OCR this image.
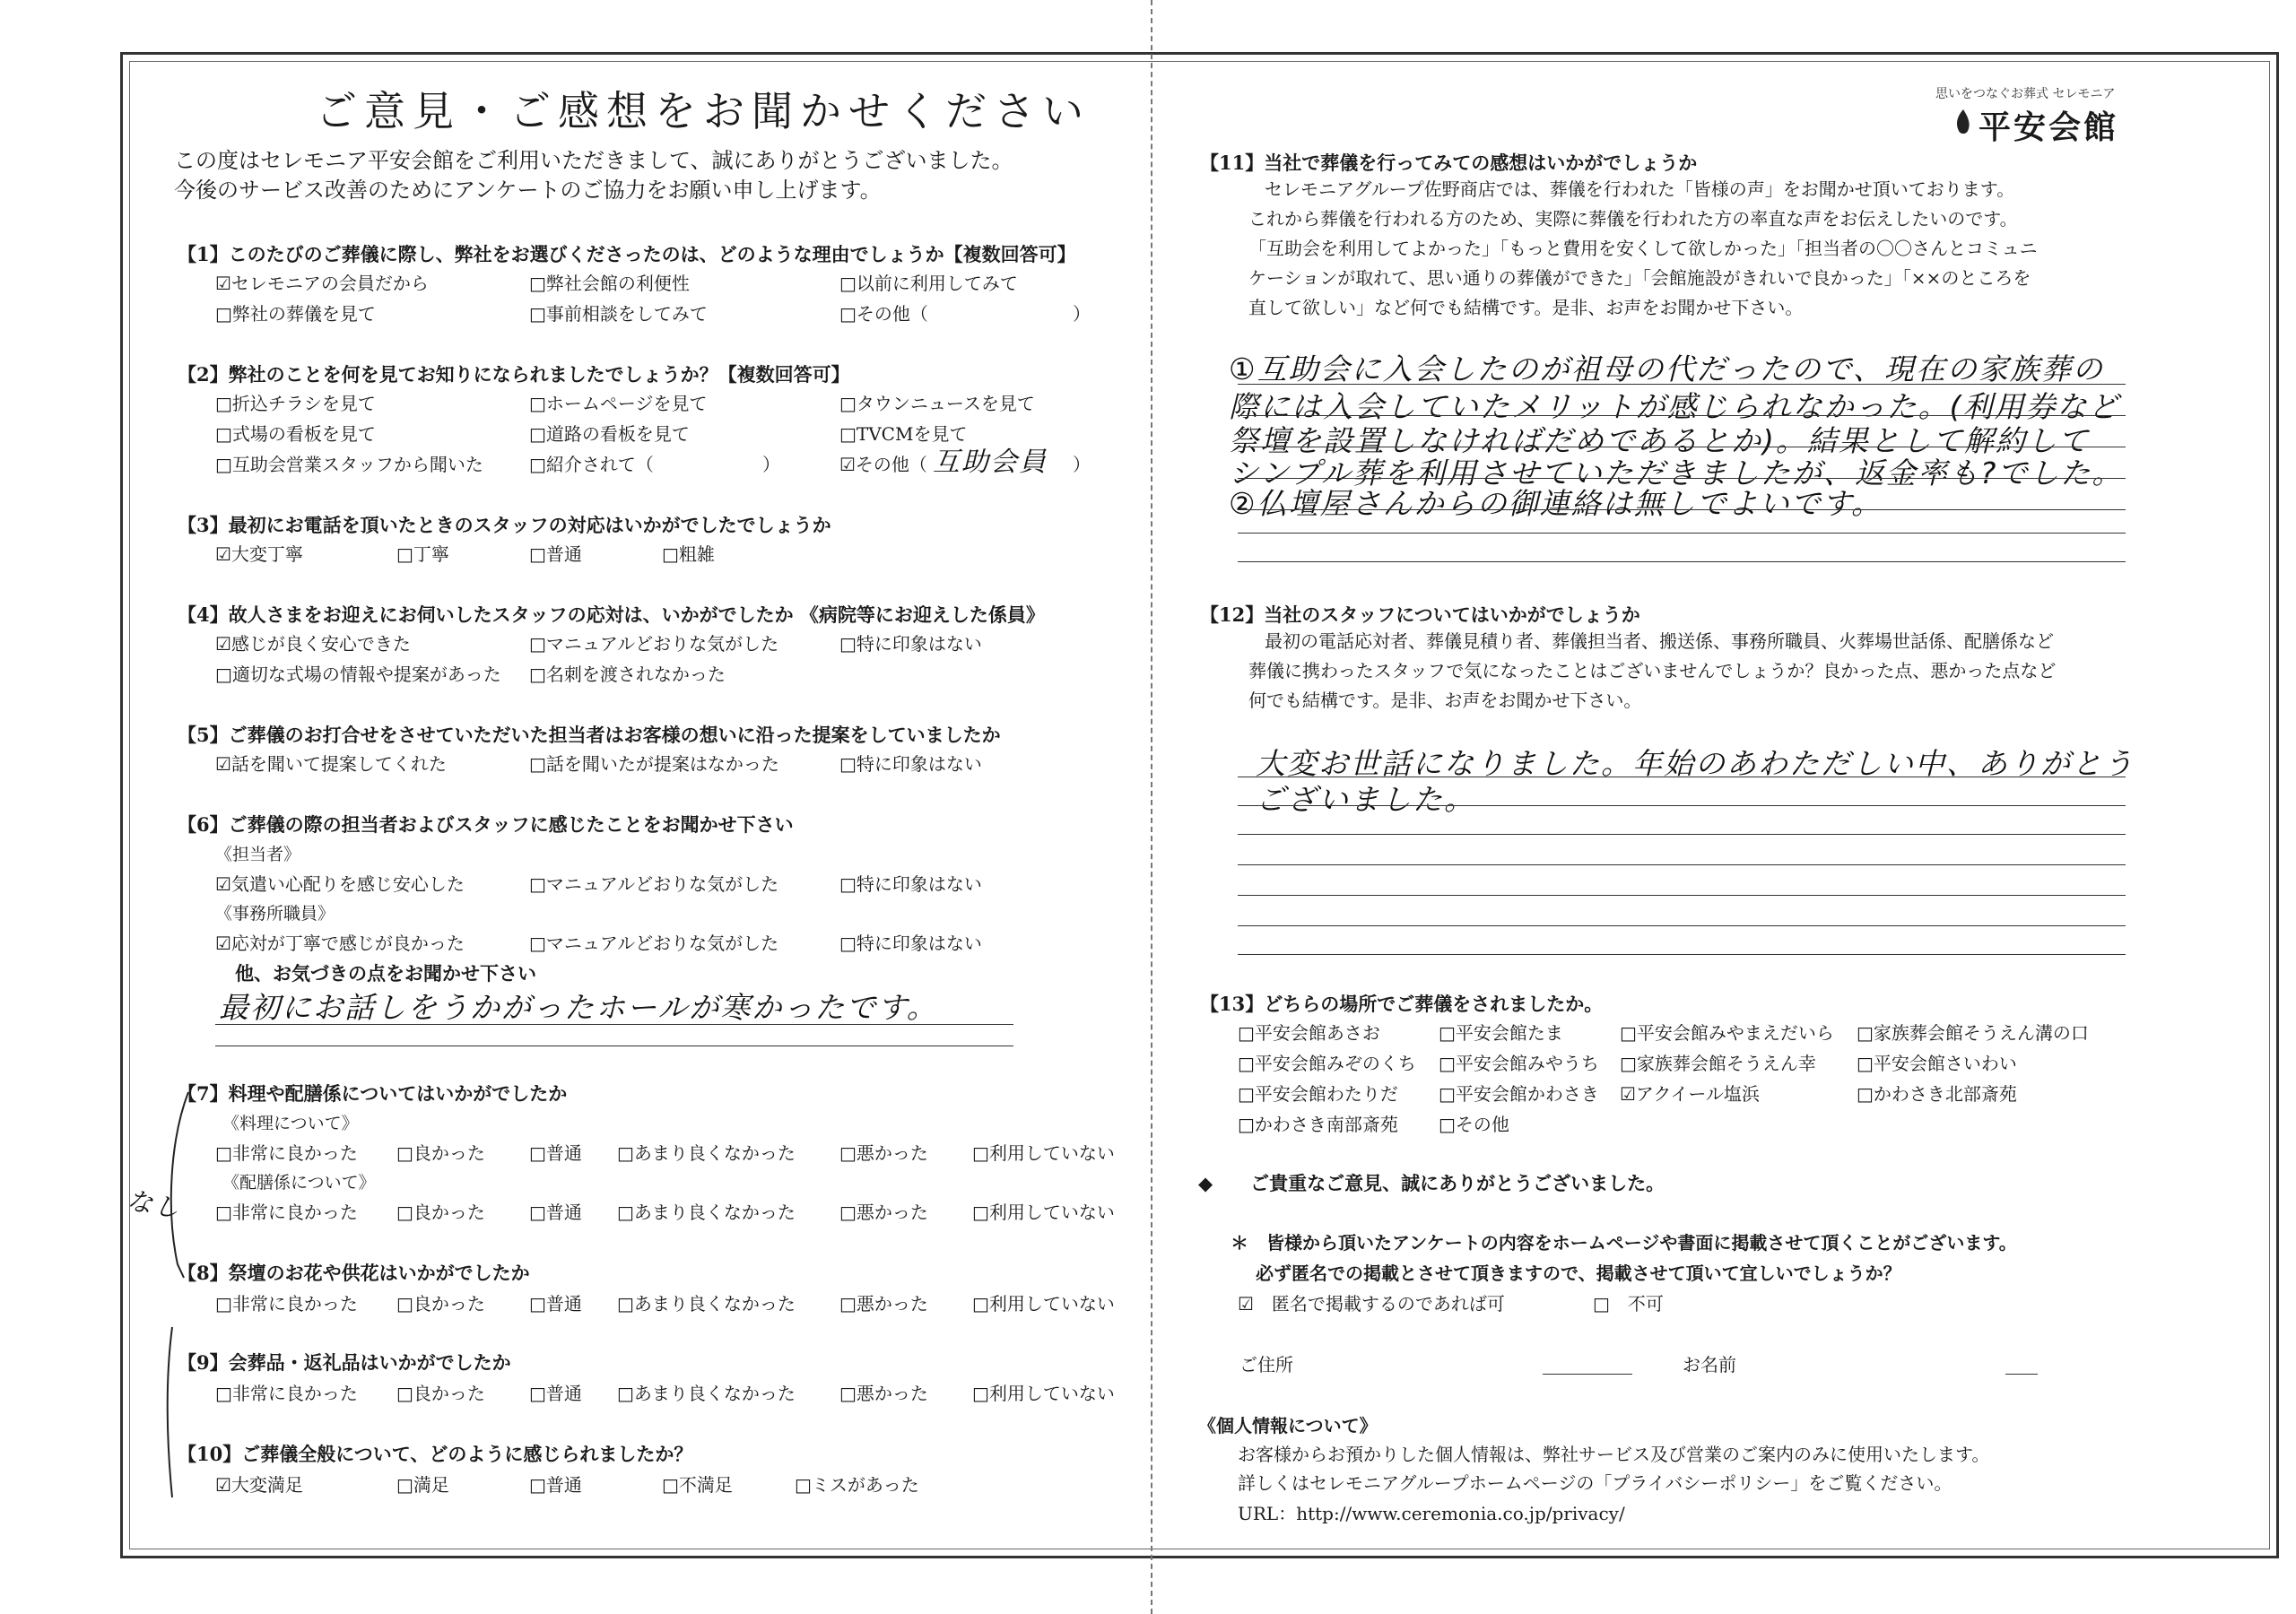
ご意見・ご感想をお聞かせください
この度はセレモニア平安会館をご利用いただきまして、誠にありがとうございました。
今後のサービス改善のためにアンケートのご協力をお願い申し上げます。
【1】このたびのご葬儀に際し、弊社をお選びくださったのは、どのような理由でしょうか【複数回答可】
☑セレモニアの会員だから	□弊社会館の利便性	□以前に利用してみて
□弊社の葬儀を見て	□事前相談をしてみて	□その他（	）
【2】弊社のことを何を見てお知りになられましたでしょうか？【複数回答可】
□折込チラシを見て	□ホームページを見て	□タウンニュースを見て
□式場の看板を見て	□道路の看板を見て	□TVCMを見て
□互助会営業スタッフから聞いた	□紹介されて（	）	☑その他（ 互助会員 ）
【3】最初にお電話を頂いたときのスタッフの対応はいかがでしたでしょうか
☑大変丁寧	□丁寧	□普通	□粗雑
【4】故人さまをお迎えにお伺いしたスタッフの応対は、いかがでしたか 《病院等にお迎えした係員》
☑感じが良く安心できた	□マニュアルどおりな気がした	□特に印象はない
□適切な式場の情報や提案があった □名刺を渡されなかった
【5】ご葬儀のお打合せをさせていただいた担当者はお客様の想いに沿った提案をしていましたか
☑話を聞いて提案してくれた	□話を聞いたが提案はなかった	□特に印象はない
【6】ご葬儀の際の担当者およびスタッフに感じたことをお聞かせ下さい
《担当者》
☑気遣い心配りを感じ安心した	□マニュアルどおりな気がした	□特に印象はない
《事務所職員》
☑応対が丁寧で感じが良かった	□マニュアルどおりな気がした	□特に印象はない
他、お気づきの点をお聞かせ下さい
最初にお話しをうかがったホールが寒かったです。
【7】料理や配膳係についてはいかがでしたか
《料理について》
□非常に良かった □良かった □普通 □あまり良くなかった □悪かった □利用していない
《配膳係について》
□非常に良かった □良かった □普通 □あまり良くなかった □悪かった □利用していない
なし
【8】祭壇のお花や供花はいかがでしたか
□非常に良かった □良かった □普通 □あまり良くなかった □悪かった □利用していない
【9】会葬品・返礼品はいかがでしたか
□非常に良かった □良かった □普通 □あまり良くなかった □悪かった □利用していない
【10】ご葬儀全般について、どのように感じられましたか？
☑大変満足	□満足	□普通	□不満足	□ミスがあった
思いをつなぐお葬式 セレモニア
平安会館
【11】当社で葬儀を行ってみての感想はいかがでしょうか
セレモニアグループ佐野商店では、葬儀を行われた「皆様の声」をお聞かせ頂いております。
これから葬儀を行われる方のため、実際に葬儀を行われた方の率直な声をお伝えしたいのです。
「互助会を利用してよかった」「もっと費用を安くして欲しかった」「担当者の〇〇さんとコミュニ
ケーションが取れて、思い通りの葬儀ができた」「会館施設がきれいで良かった」「××のところを
直して欲しい」など何でも結構です。是非、お声をお聞かせ下さい。
①互助会に入会したのが祖母の代だったので、現在の家族葬の
際には入会していたメリットが感じられなかった。(利用券など
祭壇を設置しなければだめであるとか)。結果として解約して
シンプル葬を利用させていただきましたが、返金率も?でした。
②仏壇屋さんからの御連絡は無しでよいです。
【12】当社のスタッフについてはいかがでしょうか
最初の電話応対者、葬儀見積り者、葬儀担当者、搬送係、事務所職員、火葬場世話係、配膳係など
葬儀に携わったスタッフで気になったことはございませんでしょうか？良かった点、悪かった点など
何でも結構です。是非、お声をお聞かせ下さい。
大変お世話になりました。年始のあわただしい中、ありがとう
ございました。
【13】どちらの場所でご葬儀をされましたか。
□平安会館あさお	□平安会館たま	□平安会館みやまえだいら □家族葬会館そうえん溝の口
□平安会館みぞのくち □平安会館みやうち □家族葬会館そうえん幸 □平安会館さいわい
□平安会館わたりだ □平安会館かわさき ☑アクイール塩浜	□かわさき北部斎苑
□かわさき南部斎苑 □その他
◆　　ご貴重なご意見、誠にありがとうございました。
＊　皆様から頂いたアンケートの内容をホームページや書面に掲載させて頂くことがございます。
必ず匿名での掲載とさせて頂きますので、掲載させて頂いて宜しいでしょうか？
☑　匿名で掲載するのであれば可	□　不可
ご住所	お名前
《個人情報について》
お客様からお預かりした個人情報は、弊社サービス及び営業のご案内のみに使用いたします。
詳しくはセレモニアグループホームページの「プライバシーポリシー」をご覧ください。
URL：http://www.ceremonia.co.jp/privacy/
